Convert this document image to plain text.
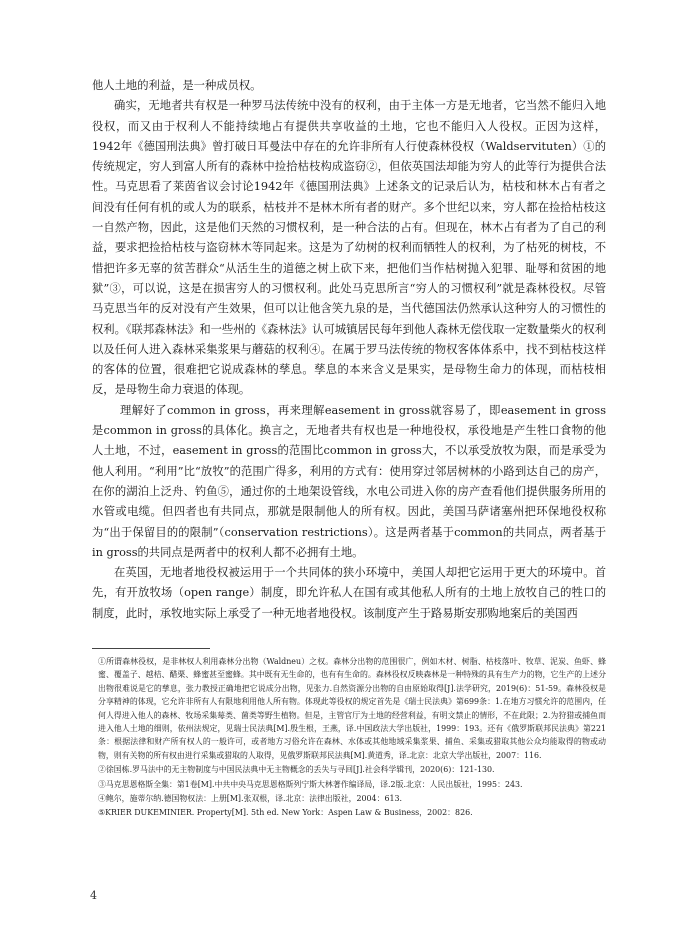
他人土地的利益，是一种成员权。

确实，无地者共有权是一种罗马法传统中没有的权利，由于主体一方是无地者，它当然不能归入地役权，而又由于权利人不能持续地占有提供共享收益的土地，它也不能归入人役权。正因为这样，1942年《德国刑法典》曾打破日耳曼法中存在的允许非所有人行使森林役权（Waldservituten）①的传统规定，穷人到富人所有的森林中捡拾枯枝构成盗窃②，但依英国法却能为穷人的此等行为提供合法性。马克思看了莱茵省议会讨论1942年《德国刑法典》上述条文的记录后认为，枯枝和林木占有者之间没有任何有机的或人为的联系，枯枝并不是林木所有者的财产。多个世纪以来，穷人都在捡拾枯枝这一自然产物，因此，这是他们天然的习惯权利，是一种合法的占有。但现在，林木占有者为了自己的利益，要求把捡拾枯枝与盗窃林木等同起来。这是为了幼树的权利而牺牲人的权利，为了枯死的树枝，不惜把许多无辜的贫苦群众“从活生生的道德之树上砍下来，把他们当作枯树抛入犯罪、耻辱和贫困的地狱”③，可以说，这是在损害穷人的习惯权利。此处马克思所言“穷人的习惯权利”就是森林役权。尽管马克思当年的反对没有产生效果，但可以让他含笑九泉的是，当代德国法仍然承认这种穷人的习惯性的权利。《联邦森林法》和一些州的《森林法》认可城镇居民每年到他人森林无偿伐取一定数量柴火的权利以及任何人进入森林采集浆果与蘑菇的权利④。在属于罗马法传统的物权客体体系中，找不到枯枝这样的客体的位置，很难把它说成森林的孳息。孳息的本来含义是果实，是母物生命力的体现，而枯枝相反，是母物生命力衰退的体现。

理解好了common in gross，再来理解easement in gross就容易了，即easement in gross是common in gross的具体化。换言之，无地者共有权也是一种地役权，承役地是产生牲口食物的他人土地，不过，easement in gross的范围比common in gross大，不以承受放牧为限，而是承受为他人利用。“利用”比“放牧”的范围广得多，利用的方式有：使用穿过邻居树林的小路到达自己的房产，在你的湖泊上泛舟、钓鱼⑤，通过你的土地架设管线，水电公司进入你的房产查看他们提供服务所用的水管或电缆。但四者也有共同点，那就是限制他人的所有权。因此，美国马萨诸塞州把环保地役权称为“出于保留目的的限制”（conservation restrictions）。这是两者基于common的共同点，两者基于in gross的共同点是两者中的权利人都不必拥有土地。

在英国，无地者地役权被运用于一个共同体的狭小环境中，美国人却把它运用于更大的环境中。首先，有开放牧场（open range）制度，即允许私人在国有或其他私人所有的土地上放牧自己的牲口的制度，此时，承牧地实际上承受了一种无地者地役权。该制度产生于路易斯安那购地案后的美国西

①所谓森林役权，是非林权人利用森林分出物（Waldneu）之权。森林分出物的范围很广，例如木材、树脂、枯枝落叶、牧草、泥炭、鱼虾、蜂蜜、覆盖子、越桔、醋栗、蜂蜜甚至蜜蜂。其中既有无生命的，也有有生命的。森林役权反映森林是一种特殊的具有生产力的物，它生产的上述分出物很难说是它的孳息，张力教授正确地把它说成分出物，见张力.自然资源分出物的自由原始取得[J].法学研究，2019(6)：51-59。森林役权是分享精神的体现，它允许非所有人有限地利用他人所有物。体现此等役权的规定首先是《瑞士民法典》第699条：1.在地方习惯允许的范围内，任何人得进入他人的森林、牧场采集莓类、菌类等野生植物。但是，主管官厅为土地的经营利益，有明文禁止的情形，不在此限；2.为狩猎或捕鱼而进入他人土地的细则，依州法规定，见瑞士民法典[M].殷生根，王燕，译.中国政法大学出版社，1999：193。还有《俄罗斯联邦民法典》第221条：根据法律和财产所有权人的一般许可，或者地方习俗允许在森林、水体或其他地域采集浆果、捕鱼、采集或猎取其他公众均能取得的物或动物，则有关物的所有权由进行采集或猎取的人取得，见俄罗斯联邦民法典[M].黄道秀，译.北京：北京大学出版社，2007：116.

②徐国栋.罗马法中的无主物制度与中国民法典中无主物概念的丢失与寻回[J].社会科学辑刊，2020(6)：121-130.

③马克思恩格斯全集：第1卷[M].中共中央马克思恩格斯列宁斯大林著作编译局，译.2版.北京：人民出版社，1995：243.

④鲍尔，施蒂尔纳.德国物权法：上册[M].张双根，译.北京：法律出版社，2004：613.

⑤KRIER DUKEMINIER. Property[M]. 5th ed. New York：Aspen Law & Business，2002：826.

4
